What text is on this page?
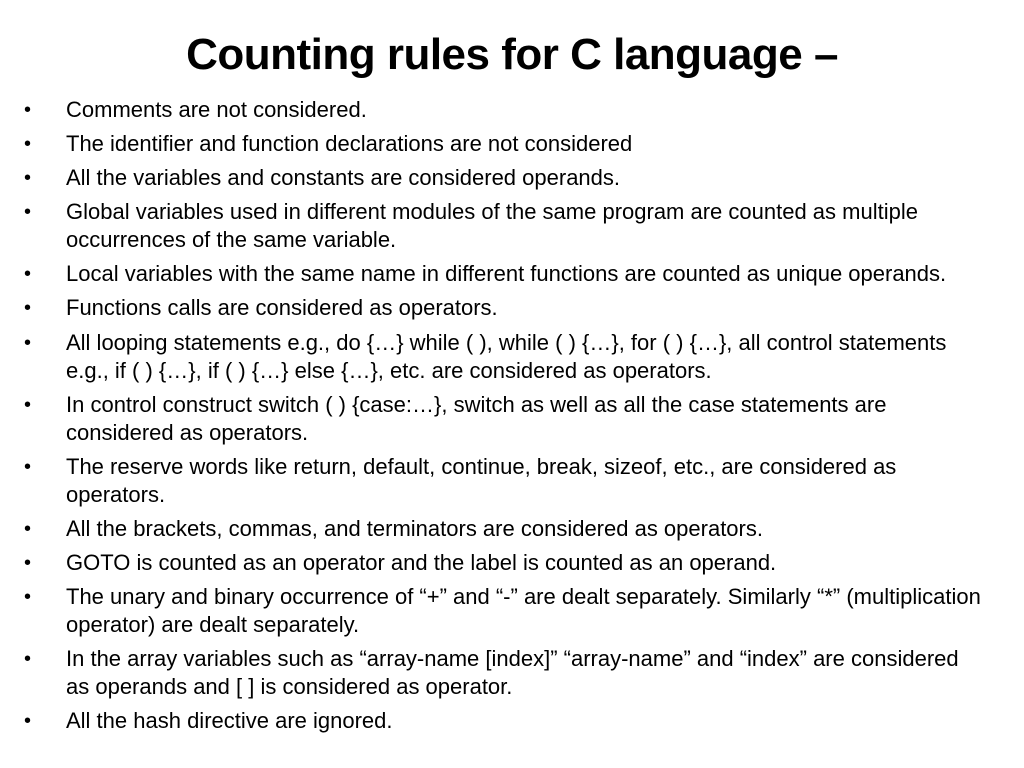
Counting rules for C language –
•	Comments are not considered.
•	The identifier and function declarations are not considered
•	All the variables and constants are considered operands.
•	Global variables used in different modules of the same program are counted as multiple occurrences of the same variable.
•	Local variables with the same name in different functions are counted as unique operands.
•	Functions calls are considered as operators.
•	All looping statements e.g., do {…} while ( ), while ( ) {…}, for ( ) {…}, all control statements e.g., if ( ) {…}, if ( ) {…} else {…}, etc. are considered as operators.
•	In control construct switch ( ) {case:…}, switch as well as all the case statements are considered as operators.
•	The reserve words like return, default, continue, break, sizeof, etc., are considered as operators.
•	All the brackets, commas, and terminators are considered as operators.
•	GOTO is counted as an operator and the label is counted as an operand.
•	The unary and binary occurrence of “+” and “-” are dealt separately. Similarly “*” (multiplication operator) are dealt separately.
•	In the array variables such as “array-name [index]” “array-name” and “index” are considered as operands and [ ] is considered as operator.
•	All the hash directive are ignored.
